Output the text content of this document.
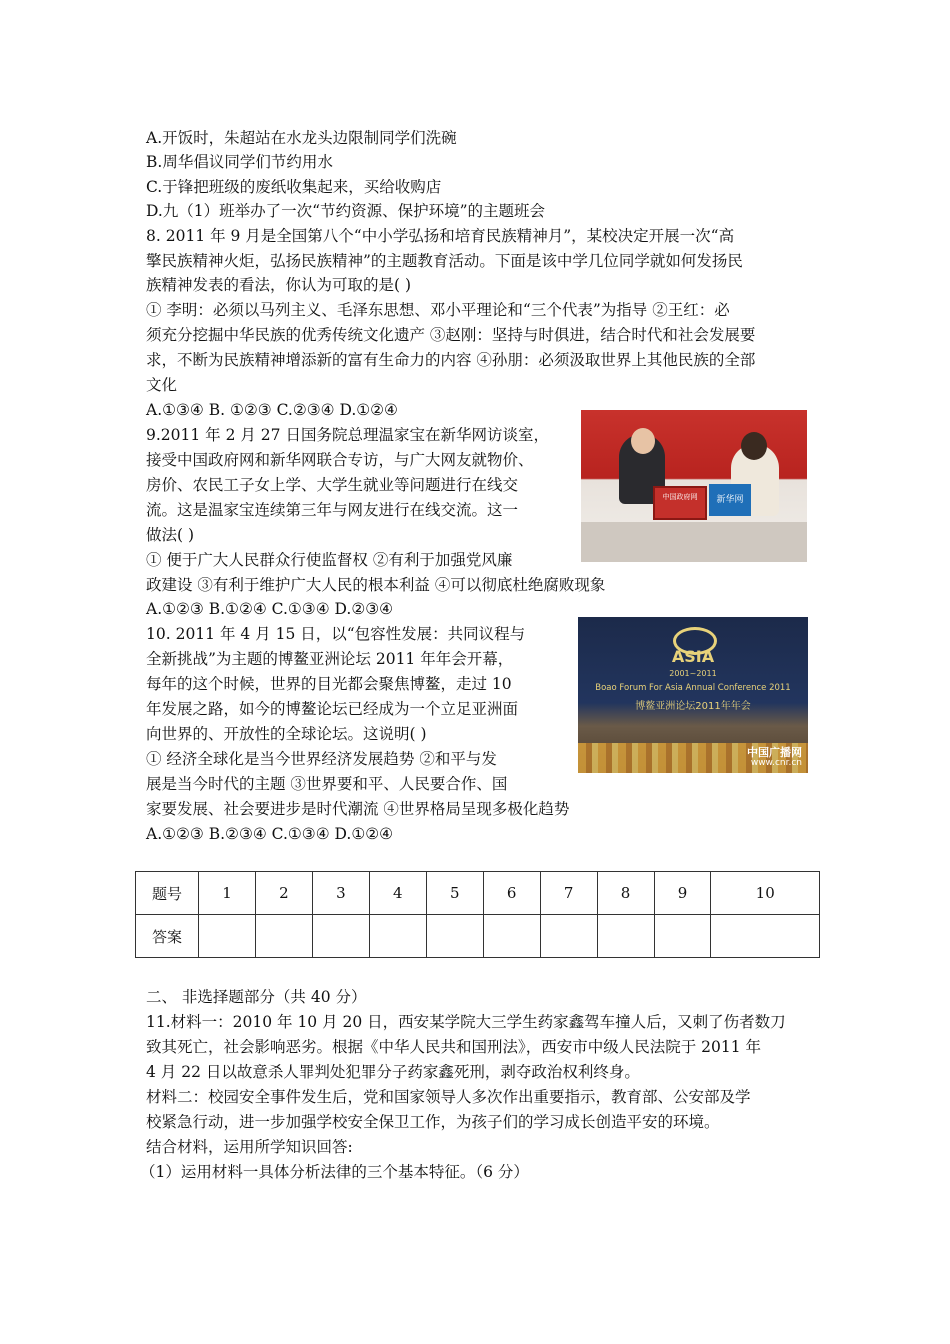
A.开饭时，朱超站在水龙头边限制同学们洗碗
B.周华倡议同学们节约用水
C.于锋把班级的废纸收集起来，买给收购店
D.九（1）班举办了一次“节约资源、保护环境”的主题班会
8. 2011 年 9 月是全国第八个“中小学弘扬和培育民族精神月”，某校决定开展一次“高
擎民族精神火炬，弘扬民族精神”的主题教育活动。下面是该中学几位同学就如何发扬民
族精神发表的看法，你认为可取的是( )
① 李明：必须以马列主义、毛泽东思想、邓小平理论和“三个代表”为指导 ②王红：必
须充分挖掘中华民族的优秀传统文化遗产 ③赵刚：坚持与时俱进，结合时代和社会发展要
求，不断为民族精神增添新的富有生命力的内容 ④孙朋：必须汲取世界上其他民族的全部
文化
A.①③④ B. ①②③ C.②③④ D.①②④
9.2011 年 2 月 27 日国务院总理温家宝在新华网访谈室，
接受中国政府网和新华网联合专访，与广大网友就物价、
房价、农民工子女上学、大学生就业等问题进行在线交
流。这是温家宝连续第三年与网友进行在线交流。这一
做法( )
① 便于广大人民群众行使监督权 ②有利于加强党风廉
政建设 ③有利于维护广大人民的根本利益 ④可以彻底杜绝腐败现象
A.①②③ B.①②④ C.①③④ D.②③④
10. 2011 年 4 月 15 日，以“包容性发展：共同议程与
全新挑战”为主题的博鳌亚洲论坛 2011 年年会开幕，
每年的这个时候，世界的目光都会聚焦博鳌，走过 10
年发展之路，如今的博鳌论坛已经成为一个立足亚洲面
向世界的、开放性的全球论坛。这说明( )
① 经济全球化是当今世界经济发展趋势 ②和平与发
展是当今时代的主题 ③世界要和平、人民要合作、国
家要发展、社会要进步是时代潮流 ④世界格局呈现多极化趋势
A.①②③ B.②③④ C.①③④ D.①②④
中国政府网	新华网
ASIA
2001~2011
Boao Forum For Asia Annual Conference 2011
博鳌亚洲论坛2011年年会
中国广播网
www.cnr.cn
题号	1	2	3	4	5	6	7	8	9	10
答案										
二、 非选择题部分（共 40 分）
11.材料一：2010 年 10 月 20 日，西安某学院大三学生药家鑫驾车撞人后，又刺了伤者数刀
致其死亡，社会影响恶劣。根据《中华人民共和国刑法》，西安市中级人民法院于 2011 年
4 月 22 日以故意杀人罪判处犯罪分子药家鑫死刑，剥夺政治权利终身。
材料二：校园安全事件发生后，党和国家领导人多次作出重要指示，教育部、公安部及学
校紧急行动，进一步加强学校安全保卫工作，为孩子们的学习成长创造平安的环境。
结合材料，运用所学知识回答:
（1）运用材料一具体分析法律的三个基本特征。（6 分）
